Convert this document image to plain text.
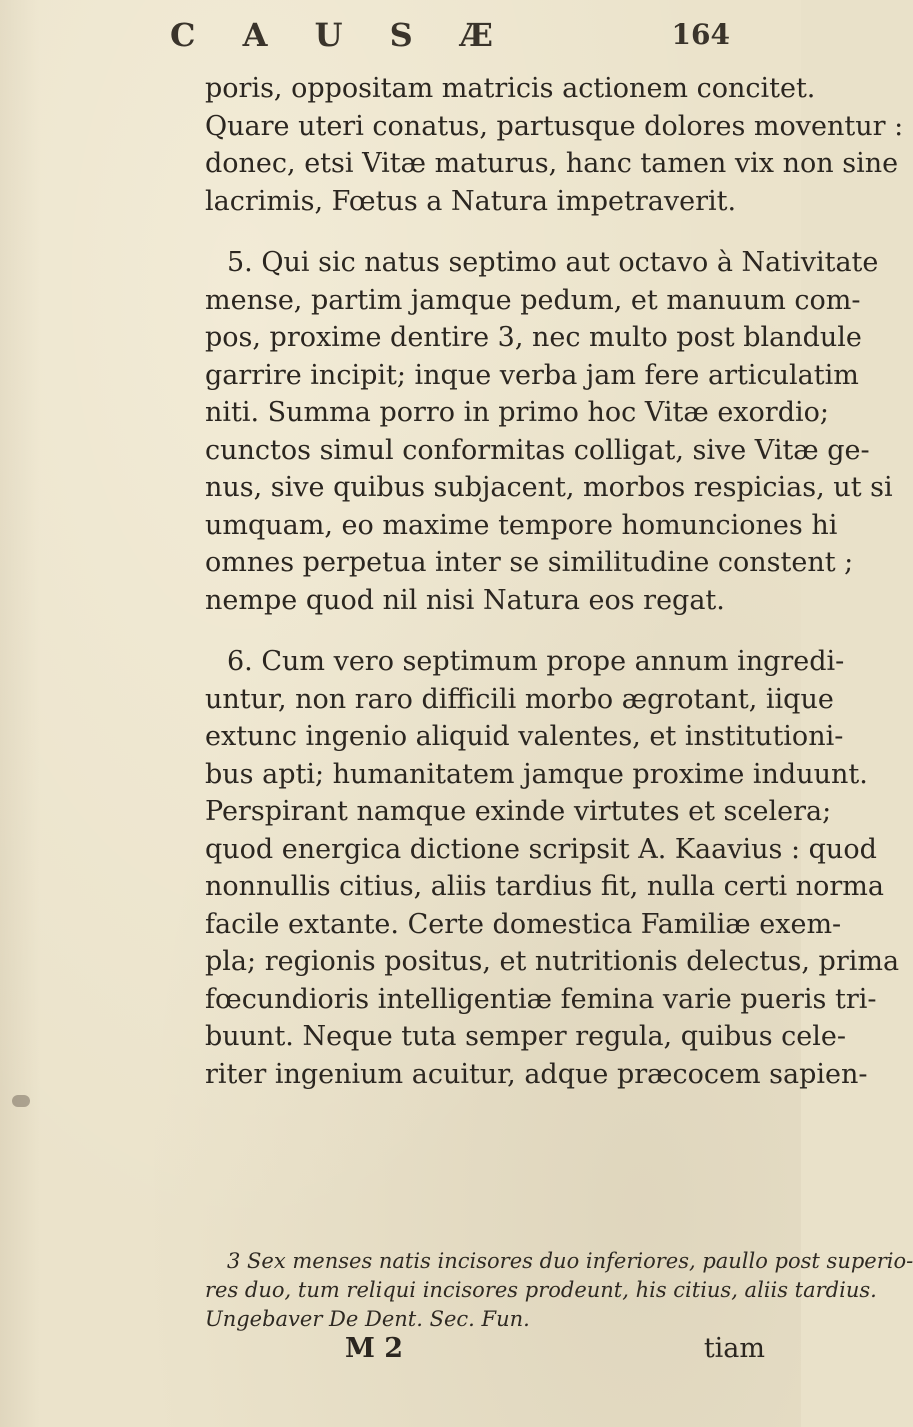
C A U S Æ	164
poris, oppositam matricis actionem concitet.
Quare uteri conatus, partusque dolores moventur :
donec, etsi Vitæ maturus, hanc tamen vix non sine
lacrimis, Fœtus a Natura impetraverit.
5. Qui sic natus septimo aut octavo à Nativitate
mense, partim jamque pedum, et manuum com-
pos, proxime dentire 3, nec multo post blandule
garrire incipit; inque verba jam fere articulatim
niti. Summa porro in primo hoc Vitæ exordio;
cunctos simul conformitas colligat, sive Vitæ ge-
nus, sive quibus subjacent, morbos respicias, ut si
umquam, eo maxime tempore homunciones hi
omnes perpetua inter se similitudine constent ;
nempe quod nil nisi Natura eos regat.
6. Cum vero septimum prope annum ingredi-
untur, non raro difficili morbo ægrotant, iique
extunc ingenio aliquid valentes, et institutioni-
bus apti; humanitatem jamque proxime induunt.
Perspirant namque exinde virtutes et scelera;
quod energica dictione scripsit A. Kaavius : quod
nonnullis citius, aliis tardius fit, nulla certi norma
facile extante. Certe domestica Familiæ exem-
pla; regionis positus, et nutritionis delectus, prima
fœcundioris intelligentiæ femina varie pueris tri-
buunt. Neque tuta semper regula, quibus cele-
riter ingenium acuitur, adque præcocem sapien-
3 Sex menses natis incisores duo inferiores, paullo post superio-
res duo, tum reliqui incisores prodeunt, his citius, aliis tardius.
Ungebaver De Dent. Sec. Fun.
M 2	tiam
